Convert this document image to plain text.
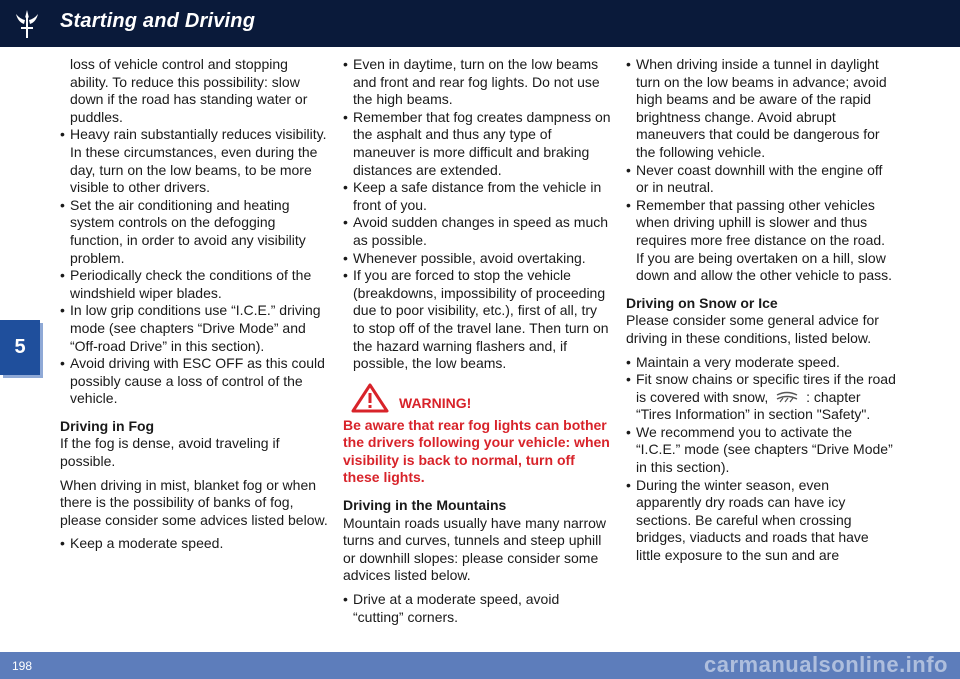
Starting and Driving
5

loss of vehicle control and stopping ability. To reduce this possibility: slow down if the road has standing water or puddles.

• Heavy rain substantially reduces visibility. In these circumstances, even during the day, turn on the low beams, to be more visible to other drivers.
• Set the air conditioning and heating system controls on the defogging function, in order to avoid any visibility problem.
• Periodically check the conditions of the windshield wiper blades.
• In low grip conditions use “I.C.E.” driving mode (see chapters “Drive Mode” and “Off-road Drive” in this section).
• Avoid driving with ESC OFF as this could possibly cause a loss of control of the vehicle.
Driving in Fog

If the fog is dense, avoid traveling if possible.

When driving in mist, blanket fog or when there is the possibility of banks of fog, please consider some advices listed below.

• Keep a moderate speed.
• Even in daytime, turn on the low beams and front and rear fog lights. Do not use the high beams.
• Remember that fog creates dampness on the asphalt and thus any type of maneuver is more difficult and braking distances are extended.
• Keep a safe distance from the vehicle in front of you.
• Avoid sudden changes in speed as much as possible.
• Whenever possible, avoid overtaking.
• If you are forced to stop the vehicle (breakdowns, impossibility of proceeding due to poor visibility, etc.), first of all, try to stop off of the travel lane. Then turn on the hazard warning flashers and, if possible, the low beams.
WARNING!
Be aware that rear fog lights can bother the drivers following your vehicle: when visibility is back to normal, turn off these lights.
Driving in the Mountains

Mountain roads usually have many narrow turns and curves, tunnels and steep uphill or downhill slopes: please consider some advices listed below.

• Drive at a moderate speed, avoid “cutting” corners.
• When driving inside a tunnel in daylight turn on the low beams in advance; avoid high beams and be aware of the rapid brightness change. Avoid abrupt maneuvers that could be dangerous for the following vehicle.
• Never coast downhill with the engine off or in neutral.
• Remember that passing other vehicles when driving uphill is slower and thus requires more free distance on the road. If you are being overtaken on a hill, slow down and allow the other vehicle to pass.
Driving on Snow or Ice

Please consider some general advice for driving in these conditions, listed below.

• Maintain a very moderate speed.
• Fit snow chains or specific tires if the road is covered with snow,	: chapter “Tires Information” in section "Safety".
• We recommend you to activate the “I.C.E.” mode (see chapters “Drive Mode” in this section).
• During the winter season, even apparently dry roads can have icy sections. Be careful when crossing bridges, viaducts and roads that have little exposure to the sun and are
198	carmanualsonline.info
